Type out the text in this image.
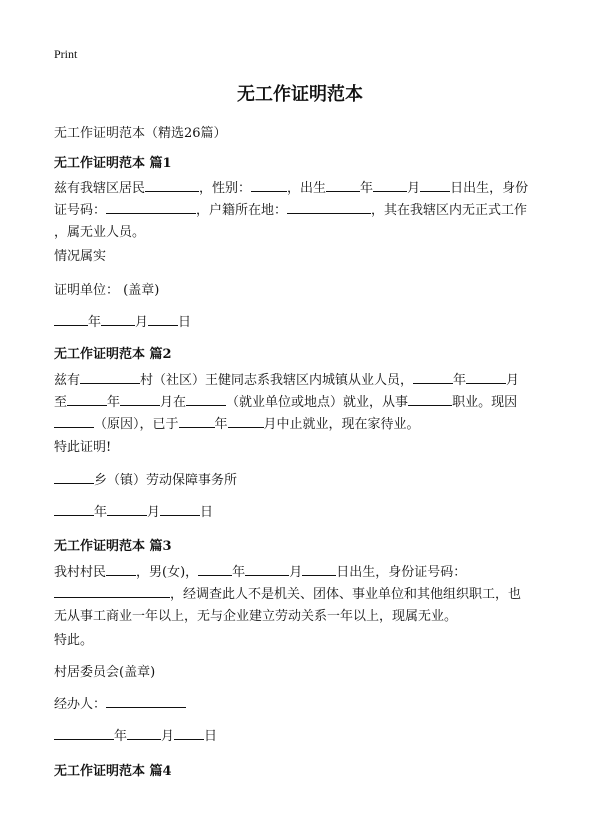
Print
无工作证明范本
无工作证明范本（精选26篇）
无工作证明范本 篇1
兹有我辖区居民	，性别：	，出生	年	月 日出生，身份
证号码：	，户籍所在地：	，其在我辖区内无正式工作
，属无业人员。
情况属实
证明单位： (盖章)
年	月 日
无工作证明范本 篇2
兹有	村（社区）王健同志系我辖区内城镇从业人员，	年	月
至	年	月在	（就业单位或地点）就业，从事	职业。现因
（原因），已于	年	月中止就业，现在家待业。
特此证明!
乡（镇）劳动保障事务所
年	月	日
无工作证明范本 篇3
我村村民 ，男(女)，	年	月	日出生，身份证号码：
，经调查此人不是机关、团体、事业单位和其他组织职工，也
无从事工商业一年以上，无与企业建立劳动关系一年以上，现属无业。
特此。
村居委员会(盖章)
经办人：
年	月 日
无工作证明范本 篇4
